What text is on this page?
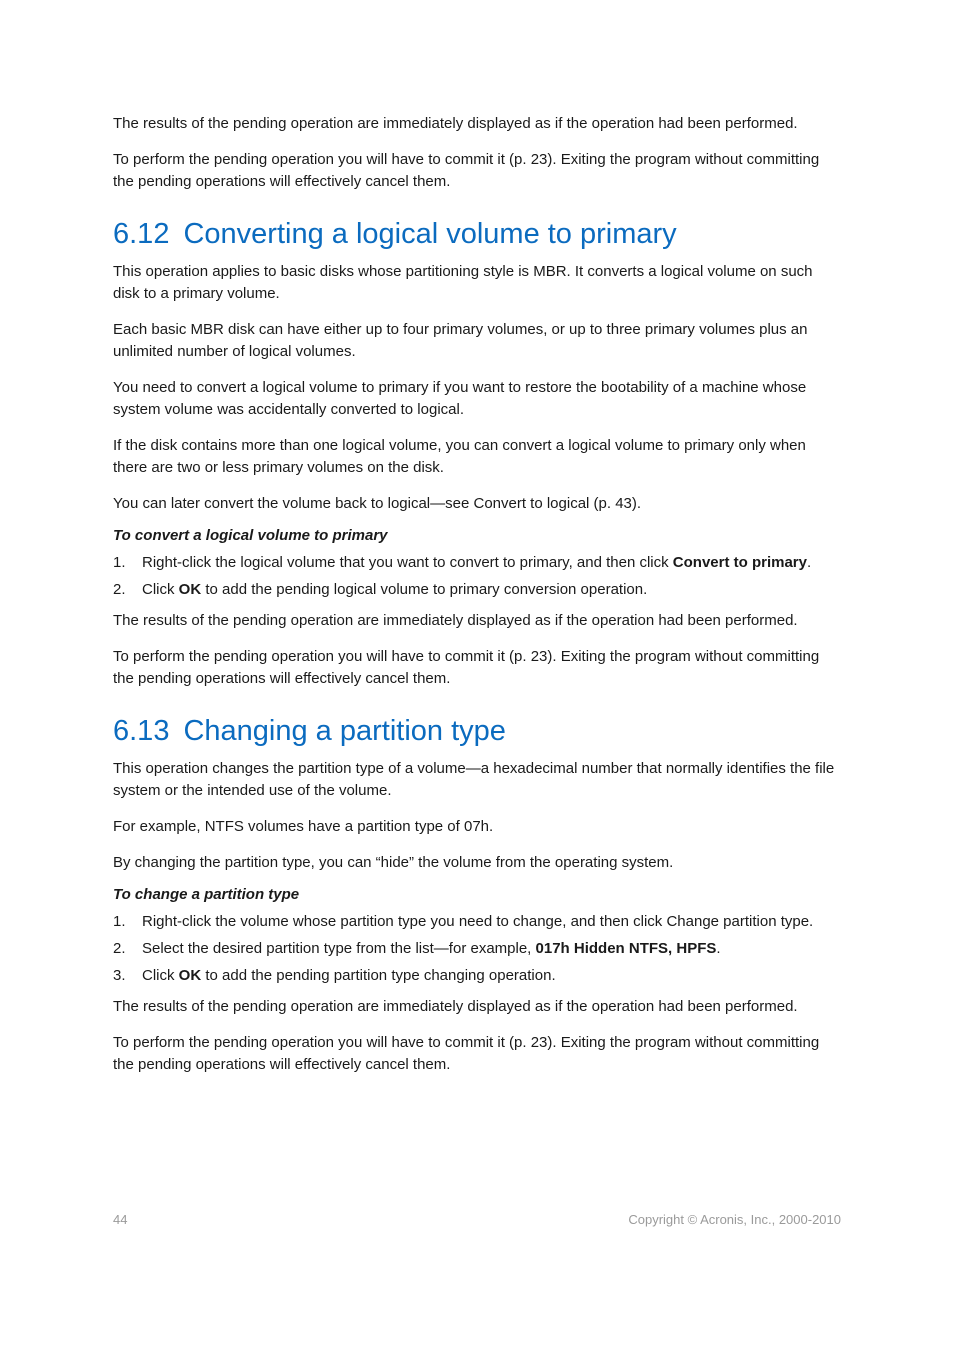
The results of the pending operation are immediately displayed as if the operation had been performed.

To perform the pending operation you will have to commit it (p. 23). Exiting the program without committing the pending operations will effectively cancel them.

6.12 Converting a logical volume to primary

This operation applies to basic disks whose partitioning style is MBR. It converts a logical volume on such disk to a primary volume.

Each basic MBR disk can have either up to four primary volumes, or up to three primary volumes plus an unlimited number of logical volumes.

You need to convert a logical volume to primary if you want to restore the bootability of a machine whose system volume was accidentally converted to logical.

If the disk contains more than one logical volume, you can convert a logical volume to primary only when there are two or less primary volumes on the disk.

You can later convert the volume back to logical—see Convert to logical (p. 43).

To convert a logical volume to primary
1. Right-click the logical volume that you want to convert to primary, and then click Convert to primary.
2. Click OK to add the pending logical volume to primary conversion operation.

The results of the pending operation are immediately displayed as if the operation had been performed.

To perform the pending operation you will have to commit it (p. 23). Exiting the program without committing the pending operations will effectively cancel them.

6.13 Changing a partition type

This operation changes the partition type of a volume—a hexadecimal number that normally identifies the file system or the intended use of the volume.

For example, NTFS volumes have a partition type of 07h.

By changing the partition type, you can “hide” the volume from the operating system.

To change a partition type
1. Right-click the volume whose partition type you need to change, and then click Change partition type.
2. Select the desired partition type from the list—for example, 017h Hidden NTFS, HPFS.
3. Click OK to add the pending partition type changing operation.

The results of the pending operation are immediately displayed as if the operation had been performed.

To perform the pending operation you will have to commit it (p. 23). Exiting the program without committing the pending operations will effectively cancel them.

44	Copyright © Acronis, Inc., 2000-2010
